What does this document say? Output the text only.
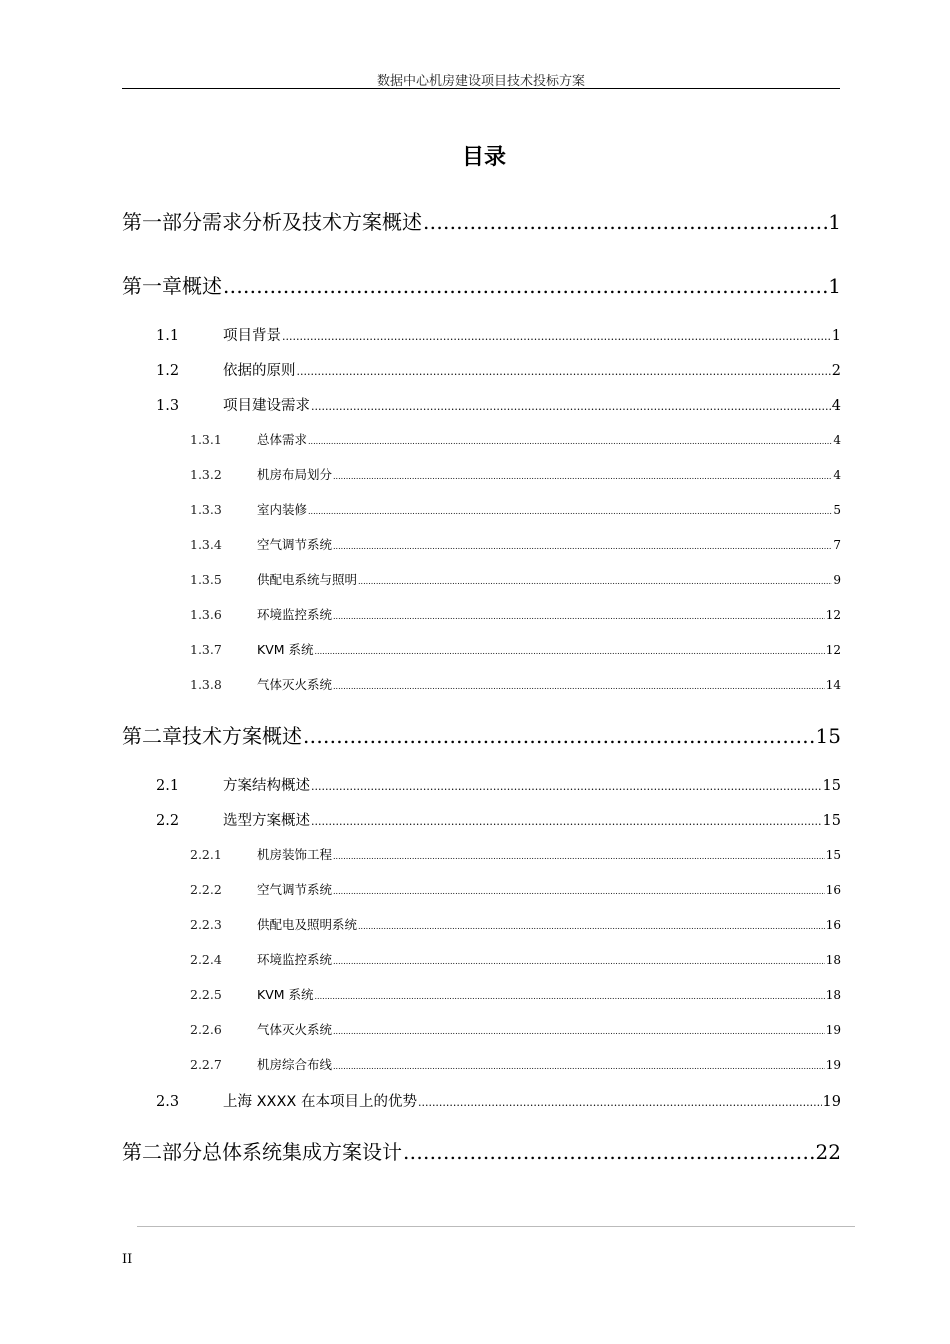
数据中心机房建设项目技术投标方案
目录
第一部分需求分析及技术方案概述 .....	1
第一章概述 .....	1
1.1	项目背景 .....	1
1.2	依据的原则 .....	2
1.3	项目建设需求 .....	4
1.3.1	总体需求 .....	4
1.3.2	机房布局划分 .....	4
1.3.3	室内装修 .....	5
1.3.4	空气调节系统 .....	7
1.3.5	供配电系统与照明 .....	9
1.3.6	环境监控系统 .....	12
1.3.7	KVM 系统 .....	12
1.3.8	气体灭火系统 .....	14
第二章技术方案概述 .....	15
2.1	方案结构概述 .....	15
2.2	选型方案概述 .....	15
2.2.1	机房装饰工程 .....	15
2.2.2	空气调节系统 .....	16
2.2.3	供配电及照明系统 .....	16
2.2.4	环境监控系统 .....	18
2.2.5	KVM 系统 .....	18
2.2.6	气体灭火系统 .....	19
2.2.7	机房综合布线 .....	19
2.3	上海 XXXX 在本项目上的优势 .....	19
第二部分总体系统集成方案设计 .....	22
II
